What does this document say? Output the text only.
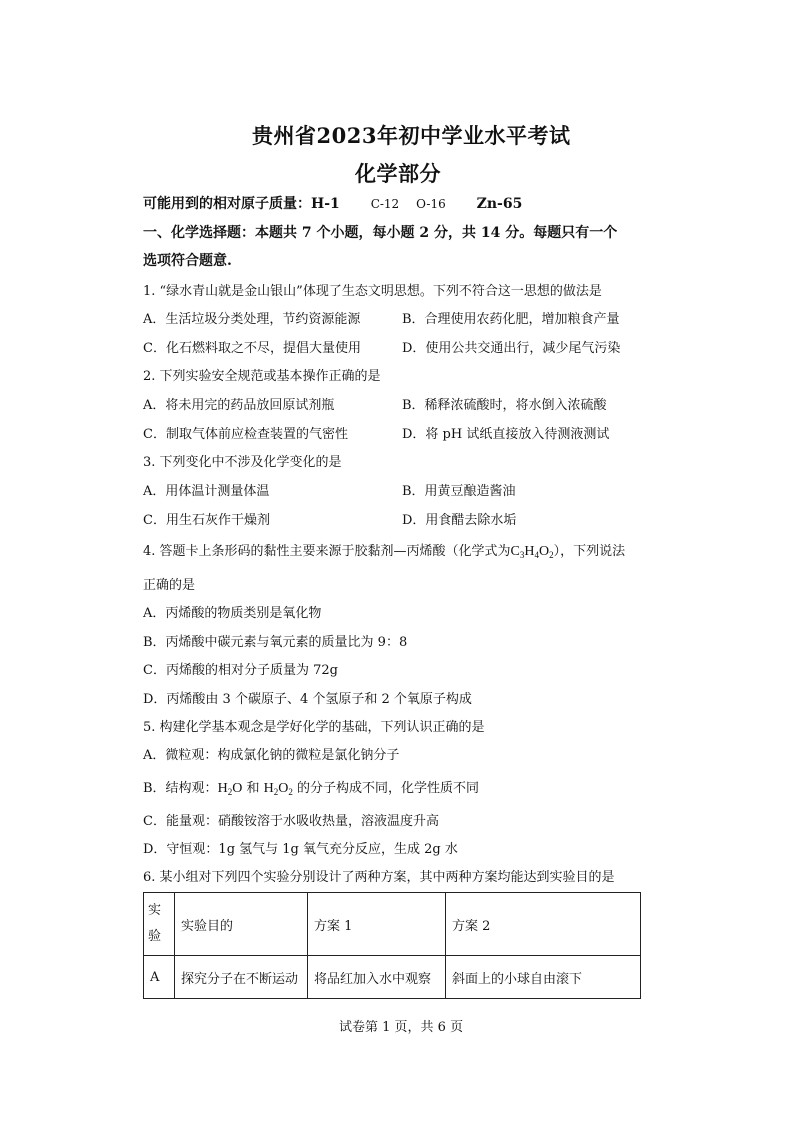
贵州省2023年初中学业水平考试
化学部分
可能用到的相对原子质量：H-1	C-12 O-16 Zn-65
一、化学选择题：本题共 7 个小题，每小题 2 分，共 14 分。每题只有一个
选项符合题意.
1. “绿水青山就是金山银山”体现了生态文明思想。下列不符合这一思想的做法是
A．生活垃圾分类处理，节约资源能源	B．合理使用农药化肥，增加粮食产量
C．化石燃料取之不尽，提倡大量使用	D．使用公共交通出行，减少尾气污染
2. 下列实验安全规范或基本操作正确的是
A．将未用完的药品放回原试剂瓶	B．稀释浓硫酸时，将水倒入浓硫酸
C．制取气体前应检查装置的气密性	D．将 pH 试纸直接放入待测液测试
3. 下列变化中不涉及化学变化的是
A．用体温计测量体温	B．用黄豆酿造酱油
C．用生石灰作干燥剂	D．用食醋去除水垢
4. 答题卡上条形码的黏性主要来源于胶黏剂—丙烯酸（化学式为$C_3H_4O_2$），下列说法
正确的是
A．丙烯酸的物质类别是氧化物
B．丙烯酸中碳元素与氧元素的质量比为 9：8
C．丙烯酸的相对分子质量为 72g
D．丙烯酸由 3 个碳原子、4 个氢原子和 2 个氧原子构成
5. 构建化学基本观念是学好化学的基础，下列认识正确的是
A．微粒观：构成氯化钠的微粒是氯化钠分子
B．结构观：$H_2O$ 和 $H_2O_2$ 的分子构成不同，化学性质不同
C．能量观：硝酸铵溶于水吸收热量，溶液温度升高
D．守恒观：1g 氢气与 1g 氧气充分反应，生成 2g 水
6. 某小组对下列四个实验分别设计了两种方案，其中两种方案均能达到实验目的是
实验	实验目的	方案 1	方案 2
A	探究分子在不断运动	将品红加入水中观察	斜面上的小球自由滚下
试卷第 1 页，共 6 页
